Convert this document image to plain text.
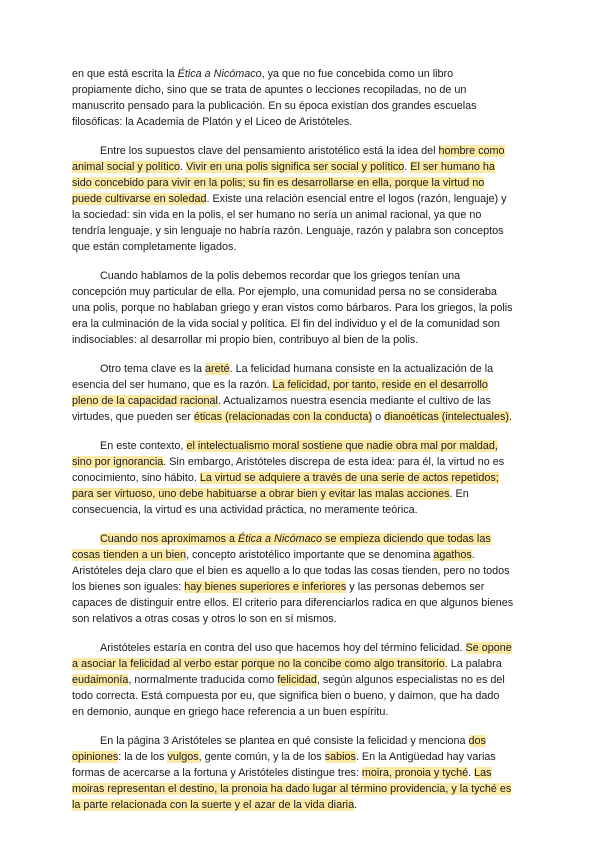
en que está escrita la Ética a Nicómaco, ya que no fue concebida como un libro propiamente dicho, sino que se trata de apuntes o lecciones recopiladas, no de un manuscrito pensado para la publicación. En su época existían dos grandes escuelas filosóficas: la Academia de Platón y el Liceo de Aristóteles.

Entre los supuestos clave del pensamiento aristotélico está la idea del hombre como animal social y político. Vivir en una polis significa ser social y político. El ser humano ha sido concebido para vivir en la polis; su fin es desarrollarse en ella, porque la virtud no puede cultivarse en soledad. Existe una relación esencial entre el logos (razón, lenguaje) y la sociedad: sin vida en la polis, el ser humano no sería un animal racional, ya que no tendría lenguaje, y sin lenguaje no habría razón. Lenguaje, razón y palabra son conceptos que están completamente ligados.

Cuando hablamos de la polis debemos recordar que los griegos tenían una concepción muy particular de ella. Por ejemplo, una comunidad persa no se consideraba una polis, porque no hablaban griego y eran vistos como bárbaros. Para los griegos, la polis era la culminación de la vida social y política. El fin del individuo y el de la comunidad son indisociables: al desarrollar mi propio bien, contribuyo al bien de la polis.

Otro tema clave es la areté. La felicidad humana consiste en la actualización de la esencia del ser humano, que es la razón. La felicidad, por tanto, reside en el desarrollo pleno de la capacidad racional. Actualizamos nuestra esencia mediante el cultivo de las virtudes, que pueden ser éticas (relacionadas con la conducta) o dianoéticas (intelectuales).

En este contexto, el intelectualismo moral sostiene que nadie obra mal por maldad, sino por ignorancia. Sin embargo, Aristóteles discrepa de esta idea: para él, la virtud no es conocimiento, sino hábito. La virtud se adquiere a través de una serie de actos repetidos; para ser virtuoso, uno debe habituarse a obrar bien y evitar las malas acciones. En consecuencia, la virtud es una actividad práctica, no meramente teórica.

Cuando nos aproximamos a Ética a Nicómaco se empieza diciendo que todas las cosas tienden a un bien, concepto aristotélico importante que se denomina agathos. Aristóteles deja claro que el bien es aquello a lo que todas las cosas tienden, pero no todos los bienes son iguales: hay bienes superiores e inferiores y las personas debemos ser capaces de distinguir entre ellos. El criterio para diferenciarlos radica en que algunos bienes son relativos a otras cosas y otros lo son en sí mismos.

Aristóteles estaría en contra del uso que hacemos hoy del término felicidad. Se opone a asociar la felicidad al verbo estar porque no la concibe como algo transitorio. La palabra eudaimonía, normalmente traducida como felicidad, según algunos especialistas no es del todo correcta. Está compuesta por eu, que significa bien o bueno, y daimon, que ha dado en demonio, aunque en griego hace referencia a un buen espíritu.

En la página 3 Aristóteles se plantea en qué consiste la felicidad y menciona dos opiniones: la de los vulgos, gente común, y la de los sabios. En la Antigüedad hay varias formas de acercarse a la fortuna y Aristóteles distingue tres: moira, pronoia y tyché. Las moiras representan el destino, la pronoia ha dado lugar al término providencia, y la tyché es la parte relacionada con la suerte y el azar de la vida diaria.
